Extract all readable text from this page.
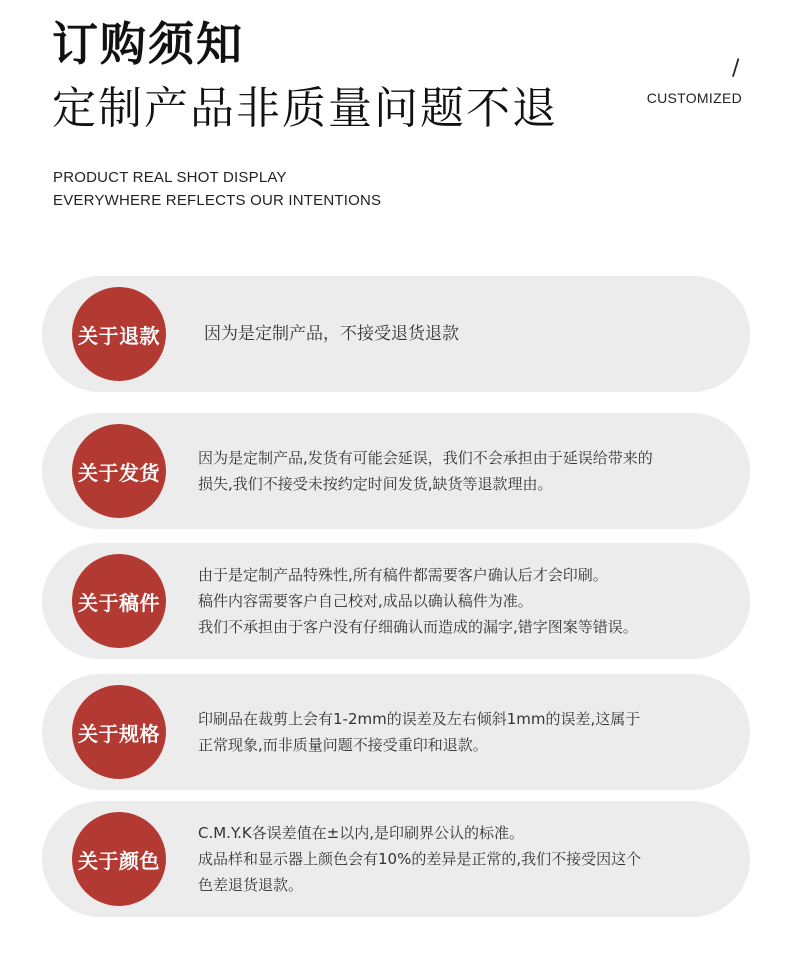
订购须知
定制产品非质量问题不退
/
CUSTOMIZED
PRODUCT REAL SHOT DISPLAY
EVERYWHERE REFLECTS OUR INTENTIONS
关于退款	因为是定制产品，不接受退货退款
关于发货
因为是定制产品,发货有可能会延误，我们不会承担由于延误给带来的
损失,我们不接受未按约定时间发货,缺货等退款理由。
关于稿件
由于是定制产品特殊性,所有稿件都需要客户确认后才会印刷。
稿件内容需要客户自己校对,成品以确认稿件为准。
我们不承担由于客户没有仔细确认而造成的漏字,错字图案等错误。
关于规格
印刷品在裁剪上会有1-2mm的误差及左右倾斜1mm的误差,这属于
正常现象,而非质量问题不接受重印和退款。
关于颜色
C.M.Y.K各误差值在±以内,是印刷界公认的标准。
成品样和显示器上颜色会有10%的差异是正常的,我们不接受因这个
色差退货退款。
